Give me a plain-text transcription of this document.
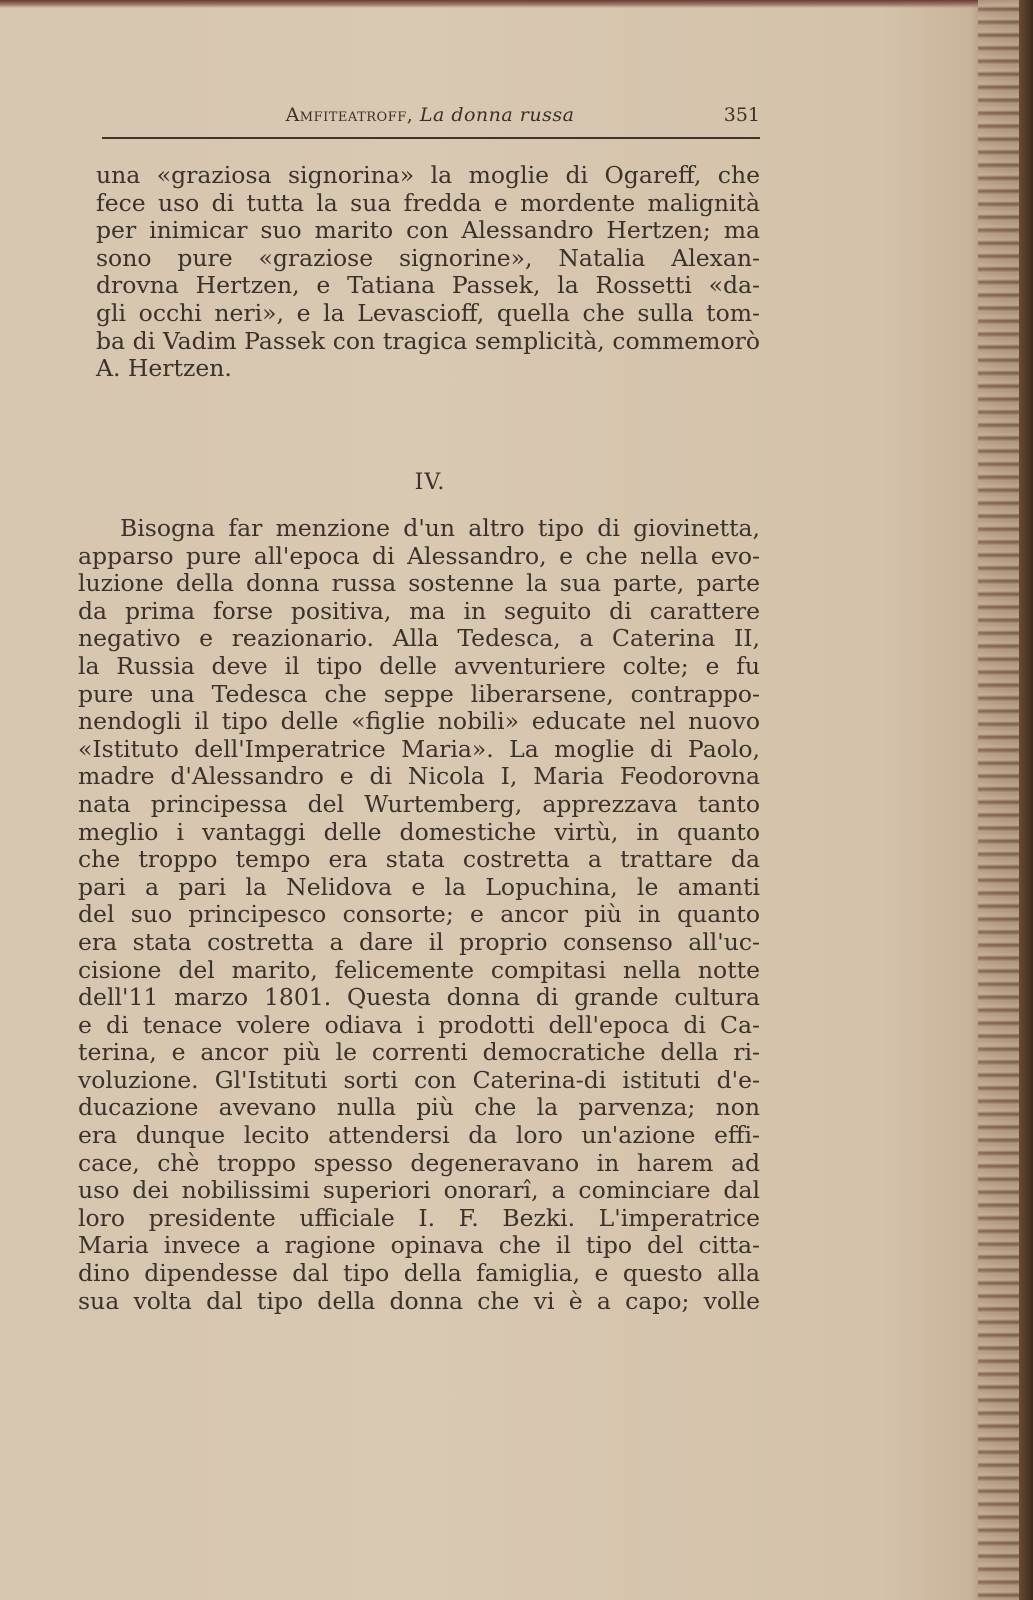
Amfiteatroff, La donna russa	351
una «graziosa signorina» la moglie di Ogareff, che
fece uso di tutta la sua fredda e mordente malignità
per inimicar suo marito con Alessandro Hertzen; ma
sono pure «graziose signorine», Natalia Alexan-
drovna Hertzen, e Tatiana Passek, la Rossetti «da-
gli occhi neri», e la Levascioff, quella che sulla tom-
ba di Vadim Passek con tragica semplicità, commemorò
A. Hertzen.
IV.
Bisogna far menzione d'un altro tipo di giovinetta,
apparso pure all'epoca di Alessandro, e che nella evo-
luzione della donna russa sostenne la sua parte, parte
da prima forse positiva, ma in seguito di carattere
negativo e reazionario. Alla Tedesca, a Caterina II,
la Russia deve il tipo delle avventuriere colte; e fu
pure una Tedesca che seppe liberarsene, contrappo-
nendogli il tipo delle «figlie nobili» educate nel nuovo
«Istituto dell'Imperatrice Maria». La moglie di Paolo,
madre d'Alessandro e di Nicola I, Maria Feodorovna
nata principessa del Wurtemberg, apprezzava tanto
meglio i vantaggi delle domestiche virtù, in quanto
che troppo tempo era stata costretta a trattare da
pari a pari la Nelidova e la Lopuchina, le amanti
del suo principesco consorte; e ancor più in quanto
era stata costretta a dare il proprio consenso all'uc-
cisione del marito, felicemente compitasi nella notte
dell'11 marzo 1801. Questa donna di grande cultura
e di tenace volere odiava i prodotti dell'epoca di Ca-
terina, e ancor più le correnti democratiche della ri-
voluzione. Gl'Istituti sorti con Caterina-di istituti d'e-
ducazione avevano nulla più che la parvenza; non
era dunque lecito attendersi da loro un'azione effi-
cace, chè troppo spesso degeneravano in harem ad
uso dei nobilissimi superiori onorarî, a cominciare dal
loro presidente ufficiale I. F. Bezki. L'imperatrice
Maria invece a ragione opinava che il tipo del citta-
dino dipendesse dal tipo della famiglia, e questo alla
sua volta dal tipo della donna che vi è a capo; volle
